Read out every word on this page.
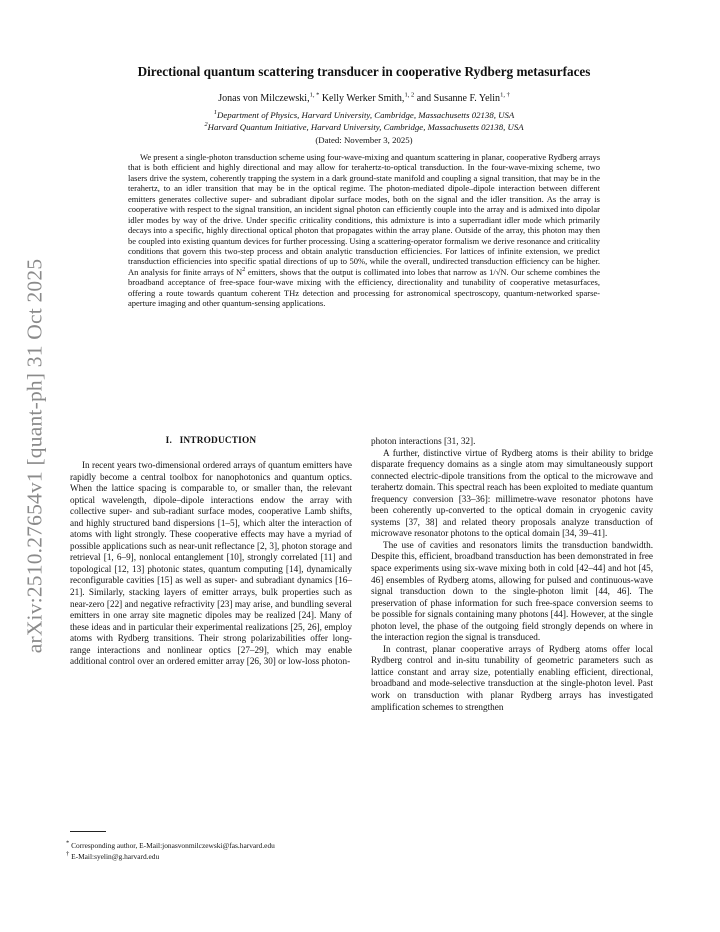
arXiv:2510.27654v1 [quant-ph] 31 Oct 2025
Directional quantum scattering transducer in cooperative Rydberg metasurfaces
Jonas von Milczewski,$^{1, *}$ Kelly Werker Smith,$^{1, 2}$ and Susanne F. Yelin$^{1, \dagger}$
$^1$Department of Physics, Harvard University, Cambridge, Massachusetts 02138, USA
$^2$Harvard Quantum Initiative, Harvard University, Cambridge, Massachusetts 02138, USA
(Dated: November 3, 2025)

We present a single-photon transduction scheme using four-wave-mixing and quantum scattering in planar, cooperative Rydberg arrays that is both efficient and highly directional and may allow for terahertz-to-optical transduction. In the four-wave-mixing scheme, two lasers drive the system, coherently trapping the system in a dark ground-state manifold and coupling a signal transition, that may be in the terahertz, to an idler transition that may be in the optical regime. The photon-mediated dipole–dipole interaction between different emitters generates collective super- and subradiant dipolar surface modes, both on the signal and the idler transition. As the array is cooperative with respect to the signal transition, an incident signal photon can efficiently couple into the array and is admixed into dipolar idler modes by way of the drive. Under specific criticality conditions, this admixture is into a superradiant idler mode which primarily decays into a specific, highly directional optical photon that propagates within the array plane. Outside of the array, this photon may then be coupled into existing quantum devices for further processing. Using a scattering-operator formalism we derive resonance and criticality conditions that govern this two-step process and obtain analytic transduction efficiencies. For lattices of infinite extension, we predict transduction efficiencies into specific spatial directions of up to 50%, while the overall, undirected transduction efficiency can be higher. An analysis for finite arrays of $N^2$ emitters, shows that the output is collimated into lobes that narrow as 1/√N. Our scheme combines the broadband acceptance of free-space four-wave mixing with the efficiency, directionality and tunability of cooperative metasurfaces, offering a route towards quantum coherent THz detection and processing for astronomical spectroscopy, quantum-networked sparse-aperture imaging and other quantum-sensing applications.

I. INTRODUCTION

In recent years two-dimensional ordered arrays of quantum emitters have rapidly become a central toolbox for nanophotonics and quantum optics. When the lattice spacing is comparable to, or smaller than, the relevant optical wavelength, dipole–dipole interactions endow the array with collective super- and sub-radiant surface modes, cooperative Lamb shifts, and highly structured band dispersions [1–5], which alter the interaction of atoms with light strongly. These cooperative effects may have a myriad of possible applications such as near-unit reflectance [2, 3], photon storage and retrieval [1, 6–9], nonlocal entanglement [10], strongly correlated [11] and topological [12, 13] photonic states, quantum computing [14], dynamically reconfigurable cavities [15] as well as super- and subradiant dynamics [16–21]. Similarly, stacking layers of emitter arrays, bulk properties such as near-zero [22] and negative refractivity [23] may arise, and bundling several emitters in one array site magnetic dipoles may be realized [24]. Many of these ideas and in particular their experimental realizations [25, 26], employ atoms with Rydberg transitions. Their strong polarizabilities offer long-range interactions and nonlinear optics [27–29], which may enable additional control over an ordered emitter array [26, 30] or low-loss photon-

photon interactions [31, 32].

A further, distinctive virtue of Rydberg atoms is their ability to bridge disparate frequency domains as a single atom may simultaneously support connected electric-dipole transitions from the optical to the microwave and terahertz domain. This spectral reach has been exploited to mediate quantum frequency conversion [33–36]: millimetre-wave resonator photons have been coherently up-converted to the optical domain in cryogenic cavity systems [37, 38] and related theory proposals analyze transduction of microwave resonator photons to the optical domain [34, 39–41].

The use of cavities and resonators limits the transduction bandwidth. Despite this, efficient, broadband transduction has been demonstrated in free space experiments using six-wave mixing both in cold [42–44] and hot [45, 46] ensembles of Rydberg atoms, allowing for pulsed and continuous-wave signal transduction down to the single-photon limit [44, 46]. The preservation of phase information for such free-space conversion seems to be possible for signals containing many photons [44]. However, at the single photon level, the phase of the outgoing field strongly depends on where in the interaction region the signal is transduced.

In contrast, planar cooperative arrays of Rydberg atoms offer local Rydberg control and in-situ tunability of geometric parameters such as lattice constant and array size, potentially enabling efficient, directional, broadband and mode-selective transduction at the single-photon level. Past work on transduction with planar Rydberg arrays has investigated amplification schemes to strengthen

* Corresponding author, E-Mail:jonasvonmilczewski@fas.harvard.edu
† E-Mail:syelin@g.harvard.edu
